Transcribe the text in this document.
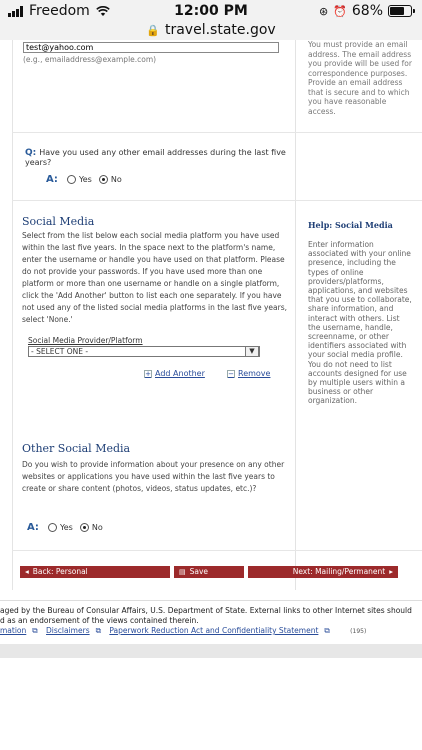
Freedom	12:00 PM	⊛ ⏰ 68%
🔒 travel.state.gov
test@yahoo.com
(e.g., emailaddress@example.com)
You must provide an email address. The email address you provide will be used for correspondence purposes. Provide an email address that is secure and to which you have reasonable access.
Q: Have you used any other email addresses during the last five years?
A:	Yes No
Social Media
Select from the list below each social media platform you have used within the last five years. In the space next to the platform's name, enter the username or handle you have used on that platform. Please do not provide your passwords. If you have used more than one platform or more than one username or handle on a single platform, click the 'Add Another' button to list each one separately. If you have not used any of the listed social media platforms in the last five years, select 'None.'
Help: Social Media
Enter information associated with your online presence, including the types of online providers/platforms, applications, and websites that you use to collaborate, share information, and interact with others. List the username, handle, screenname, or other identifiers associated with your social media profile. You do not need to list accounts designed for use by multiple users within a business or other organization.
Social Media Provider/Platform
- SELECT ONE -	▼
+ Add Another	− Remove
Other Social Media
Do you wish to provide information about your presence on any other websites or applications you have used within the last five years to create or share content (photos, videos, status updates, etc.)?
A:	Yes No
◂ Back: Personal	▤ Save	Next: Mailing/Permanent ▸
aged by the Bureau of Consular Affairs, U.S. Department of State. External links to other Internet sites should
d as an endorsement of the views contained therein.
mation ⧉ Disclaimers ⧉ Paperwork Reduction Act and Confidentiality Statement ⧉	(195)
